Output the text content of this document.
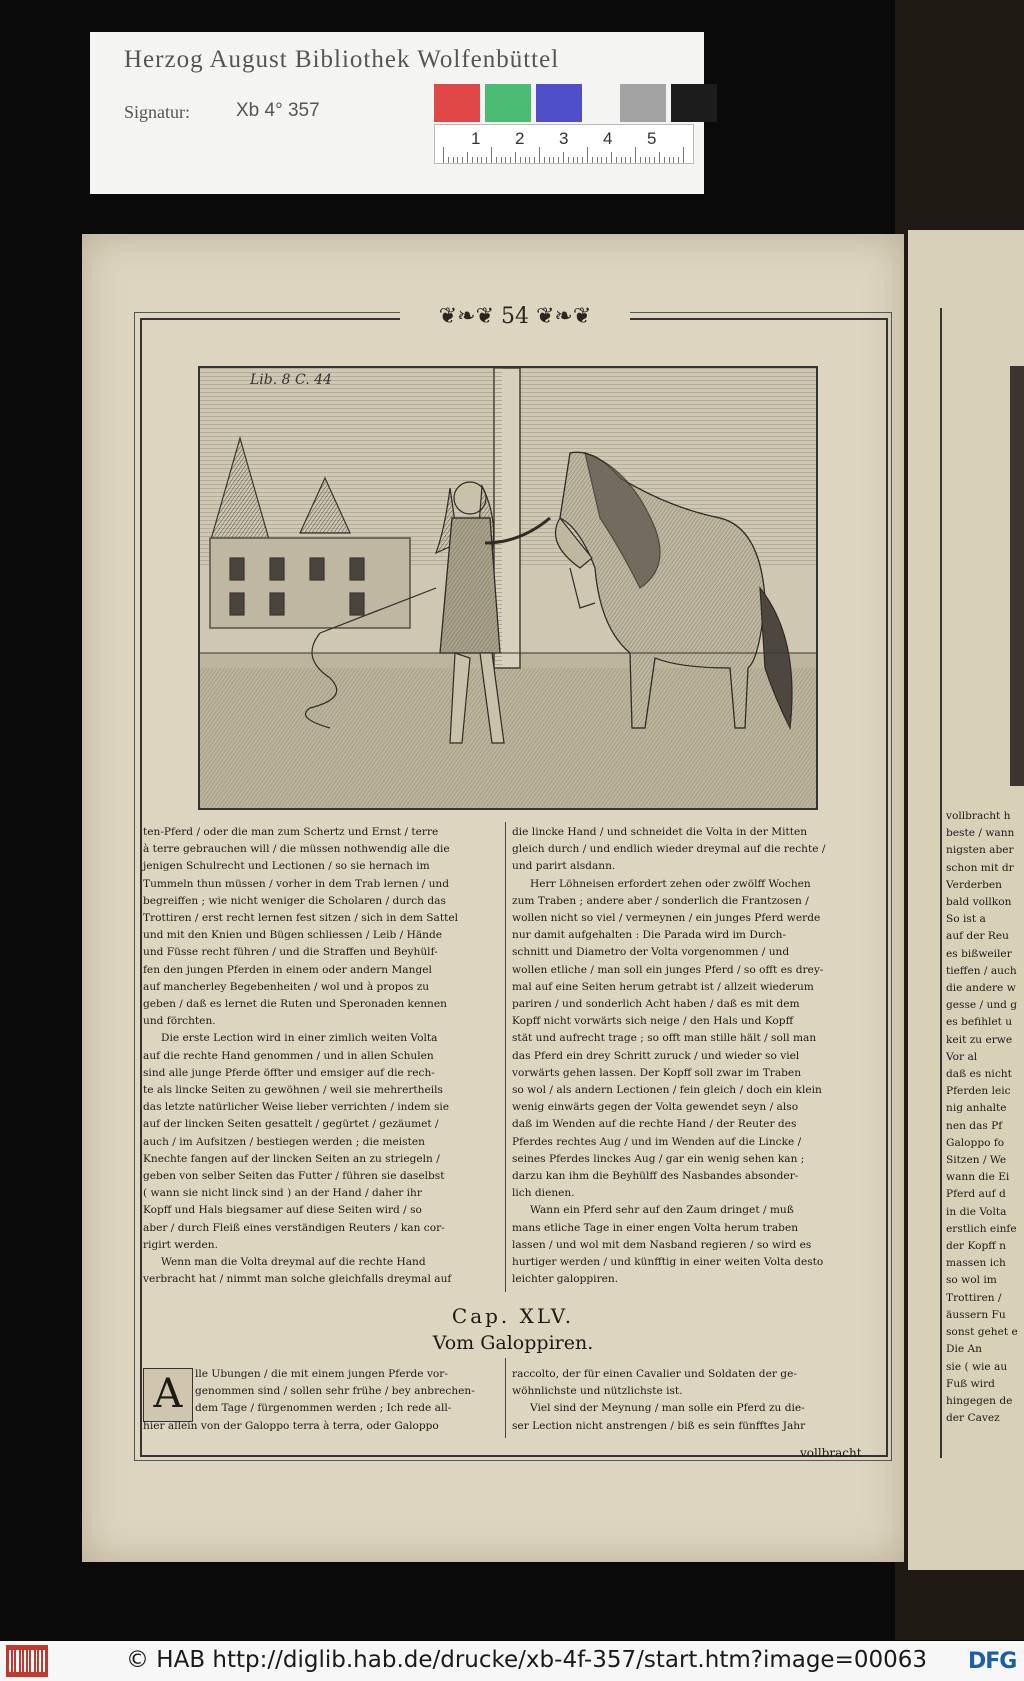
vollbracht h

beste / wann

nigsten aber

schon mit dr

Verderben

bald vollkon

So ist a

auf der Reu

es bißweiler

tieffen / auch

die andere w

gesse / und g

es befihlet u

keit zu erwe

Vor al

daß es nicht

Pferden leic

nig anhalte

nen das Pf

Galoppo fo

Sitzen / We

wann die Ei

Pferd auf d

in die Volta

erstlich einfe

der Kopff n

massen ich

so wol im

Trottiren /

äussern Fu

sonst gehet e

Die An

sie ( wie au

Fuß wird

hingegen de

der Cavez

❦❧❦ 54 ❦❧❦
Lib. 8 C. 44

ten-Pferd / oder die man zum Schertz und Ernst / terre

à terre gebrauchen will / die müssen nothwendig alle die

jenigen Schulrecht und Lectionen / so sie hernach im

Tummeln thun müssen / vorher in dem Trab lernen / und

begreiffen ; wie nicht weniger die Scholaren / durch das

Trottiren / erst recht lernen fest sitzen / sich in dem Sattel

und mit den Knien und Bügen schliessen / Leib / Hände

und Füsse recht führen / und die Straffen und Beyhülf-

fen den jungen Pferden in einem oder andern Mangel

auf mancherley Begebenheiten / wol und à propos zu

geben / daß es lernet die Ruten und Speronaden kennen

und förchten.

Die erste Lection wird in einer zimlich weiten Volta

auf die rechte Hand genommen / und in allen Schulen

sind alle junge Pferde öffter und emsiger auf die rech-

te als lincke Seiten zu gewöhnen / weil sie mehrertheils

das letzte natürlicher Weise lieber verrichten / indem sie

auf der lincken Seiten gesattelt / gegürtet / gezäumet /

auch / im Aufsitzen / bestiegen werden ; die meisten

Knechte fangen auf der lincken Seiten an zu striegeln /

geben von selber Seiten das Futter / führen sie daselbst

( wann sie nicht linck sind ) an der Hand / daher ihr

Kopff und Hals biegsamer auf diese Seiten wird / so

aber / durch Fleiß eines verständigen Reuters / kan cor-

rigirt werden.

Wenn man die Volta dreymal auf die rechte Hand

verbracht hat / nimmt man solche gleichfalls dreymal auf

die lincke Hand / und schneidet die Volta in der Mitten

gleich durch / und endlich wieder dreymal auf die rechte /

und parirt alsdann.

Herr Löhneisen erfordert zehen oder zwölff Wochen

zum Traben ; andere aber / sonderlich die Frantzosen /

wollen nicht so viel / vermeynen / ein junges Pferd werde

nur damit aufgehalten : Die Parada wird im Durch-

schnitt und Diametro der Volta vorgenommen / und

wollen etliche / man soll ein junges Pferd / so offt es drey-

mal auf eine Seiten herum getrabt ist / allzeit wiederum

pariren / und sonderlich Acht haben / daß es mit dem

Kopff nicht vorwärts sich neige / den Hals und Kopff

stät und aufrecht trage ; so offt man stille hält / soll man

das Pferd ein drey Schritt zuruck / und wieder so viel

vorwärts gehen lassen. Der Kopff soll zwar im Traben

so wol / als andern Lectionen / fein gleich / doch ein klein

wenig einwärts gegen der Volta gewendet seyn / also

daß im Wenden auf die rechte Hand / der Reuter des

Pferdes rechtes Aug / und im Wenden auf die Lincke /

seines Pferdes linckes Aug / gar ein wenig sehen kan ;

darzu kan ihm die Beyhülff des Nasbandes absonder-

lich dienen.

Wann ein Pferd sehr auf den Zaum dringet / muß

mans etliche Tage in einer engen Volta herum traben

lassen / und wol mit dem Nasband regieren / so wird es

hurtiger werden / und künfftig in einer weiten Volta desto

leichter galoppiren.

Cap. XLV.
Vom Galoppiren.
A	lle Ubungen / die mit einem jungen Pferde vor-

genommen sind / sollen sehr frühe / bey anbrechen-

dem Tage / fürgenommen werden ; Ich rede all-

hier allein von der Galoppo terra à terra, oder Galoppo

raccolto, der für einen Cavalier und Soldaten der ge-

wöhnlichste und nützlichste ist.

Viel sind der Meynung / man solle ein Pferd zu die-

ser Lection nicht anstrengen / biß es sein fünfftes Jahr

vollbracht
Herzog August Bibliothek Wolfenbüttel
Signatur: Xb 4° 357
1 2 3 4 5
© HAB http://diglib.hab.de/drucke/xb-4f-357/start.htm?image=00063 DFG
